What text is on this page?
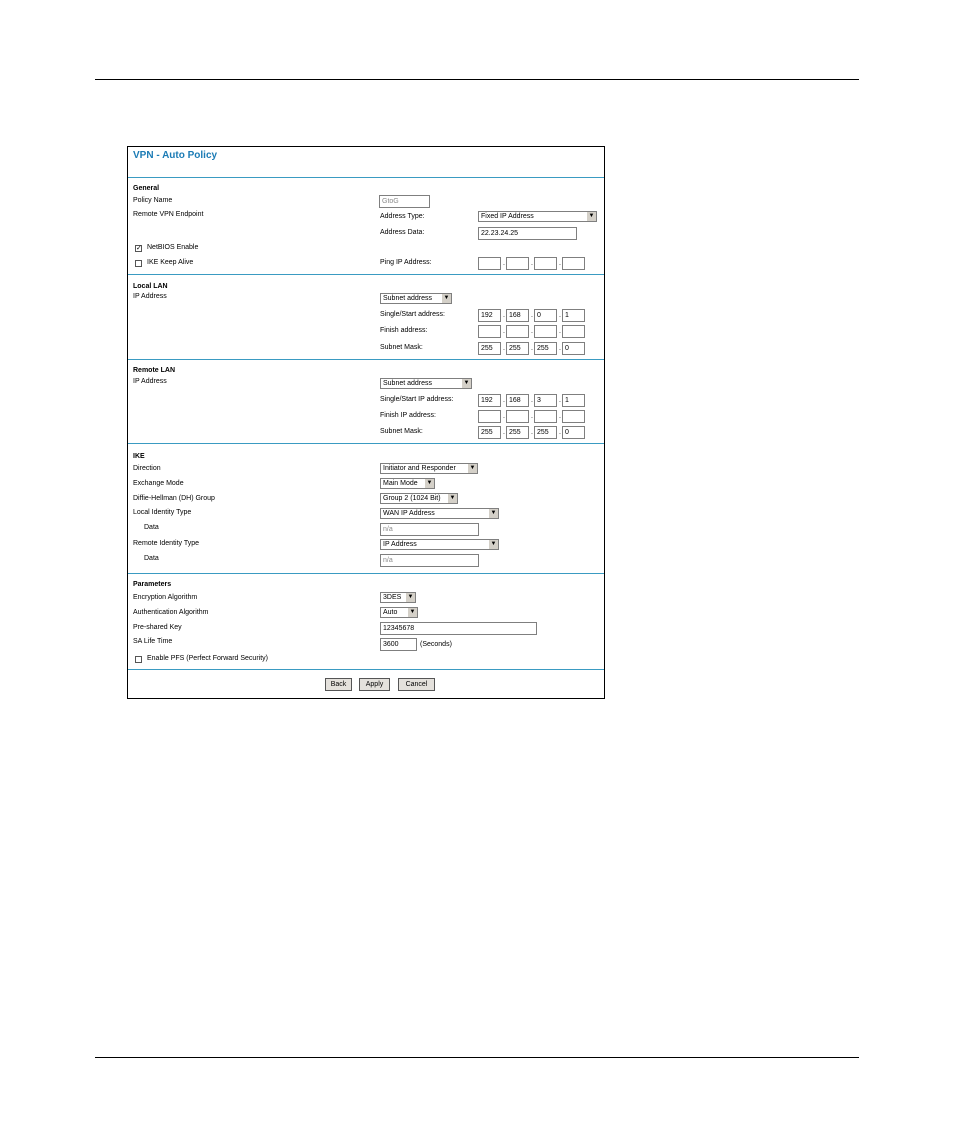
VPN - Auto Policy
General
Policy Name	GtoG
Remote VPN Endpoint	Address Type:	Fixed IP Address	▼
Address Data:	22.23.24.25
✓ NetBIOS Enable
IKE Keep Alive	Ping IP Address:	.	.	.
Local LAN
IP Address	Subnet address	▼
Single/Start address:	192	. 168	. 0	. 1
Finish address:	.	.	.
Subnet Mask:	255	. 255	. 255	. 0
Remote LAN
IP Address	Subnet address	▼
Single/Start IP address:	192	. 168	. 3	. 1
Finish IP address:	.	.	.
Subnet Mask:	255	. 255	. 255	. 0
IKE
Direction	Initiator and Responder	▼
Exchange Mode	Main Mode	▼
Diffie-Hellman (DH) Group	Group 2 (1024 Bit)	▼
Local Identity Type	WAN IP Address	▼
Data	n/a
Remote Identity Type	IP Address	▼
Data	n/a
Parameters
Encryption Algorithm	3DES	▼
Authentication Algorithm	Auto	▼
Pre-shared Key	12345678
SA Life Time	3600	(Seconds)
Enable PFS (Perfect Forward Security)
Back	Apply	Cancel
